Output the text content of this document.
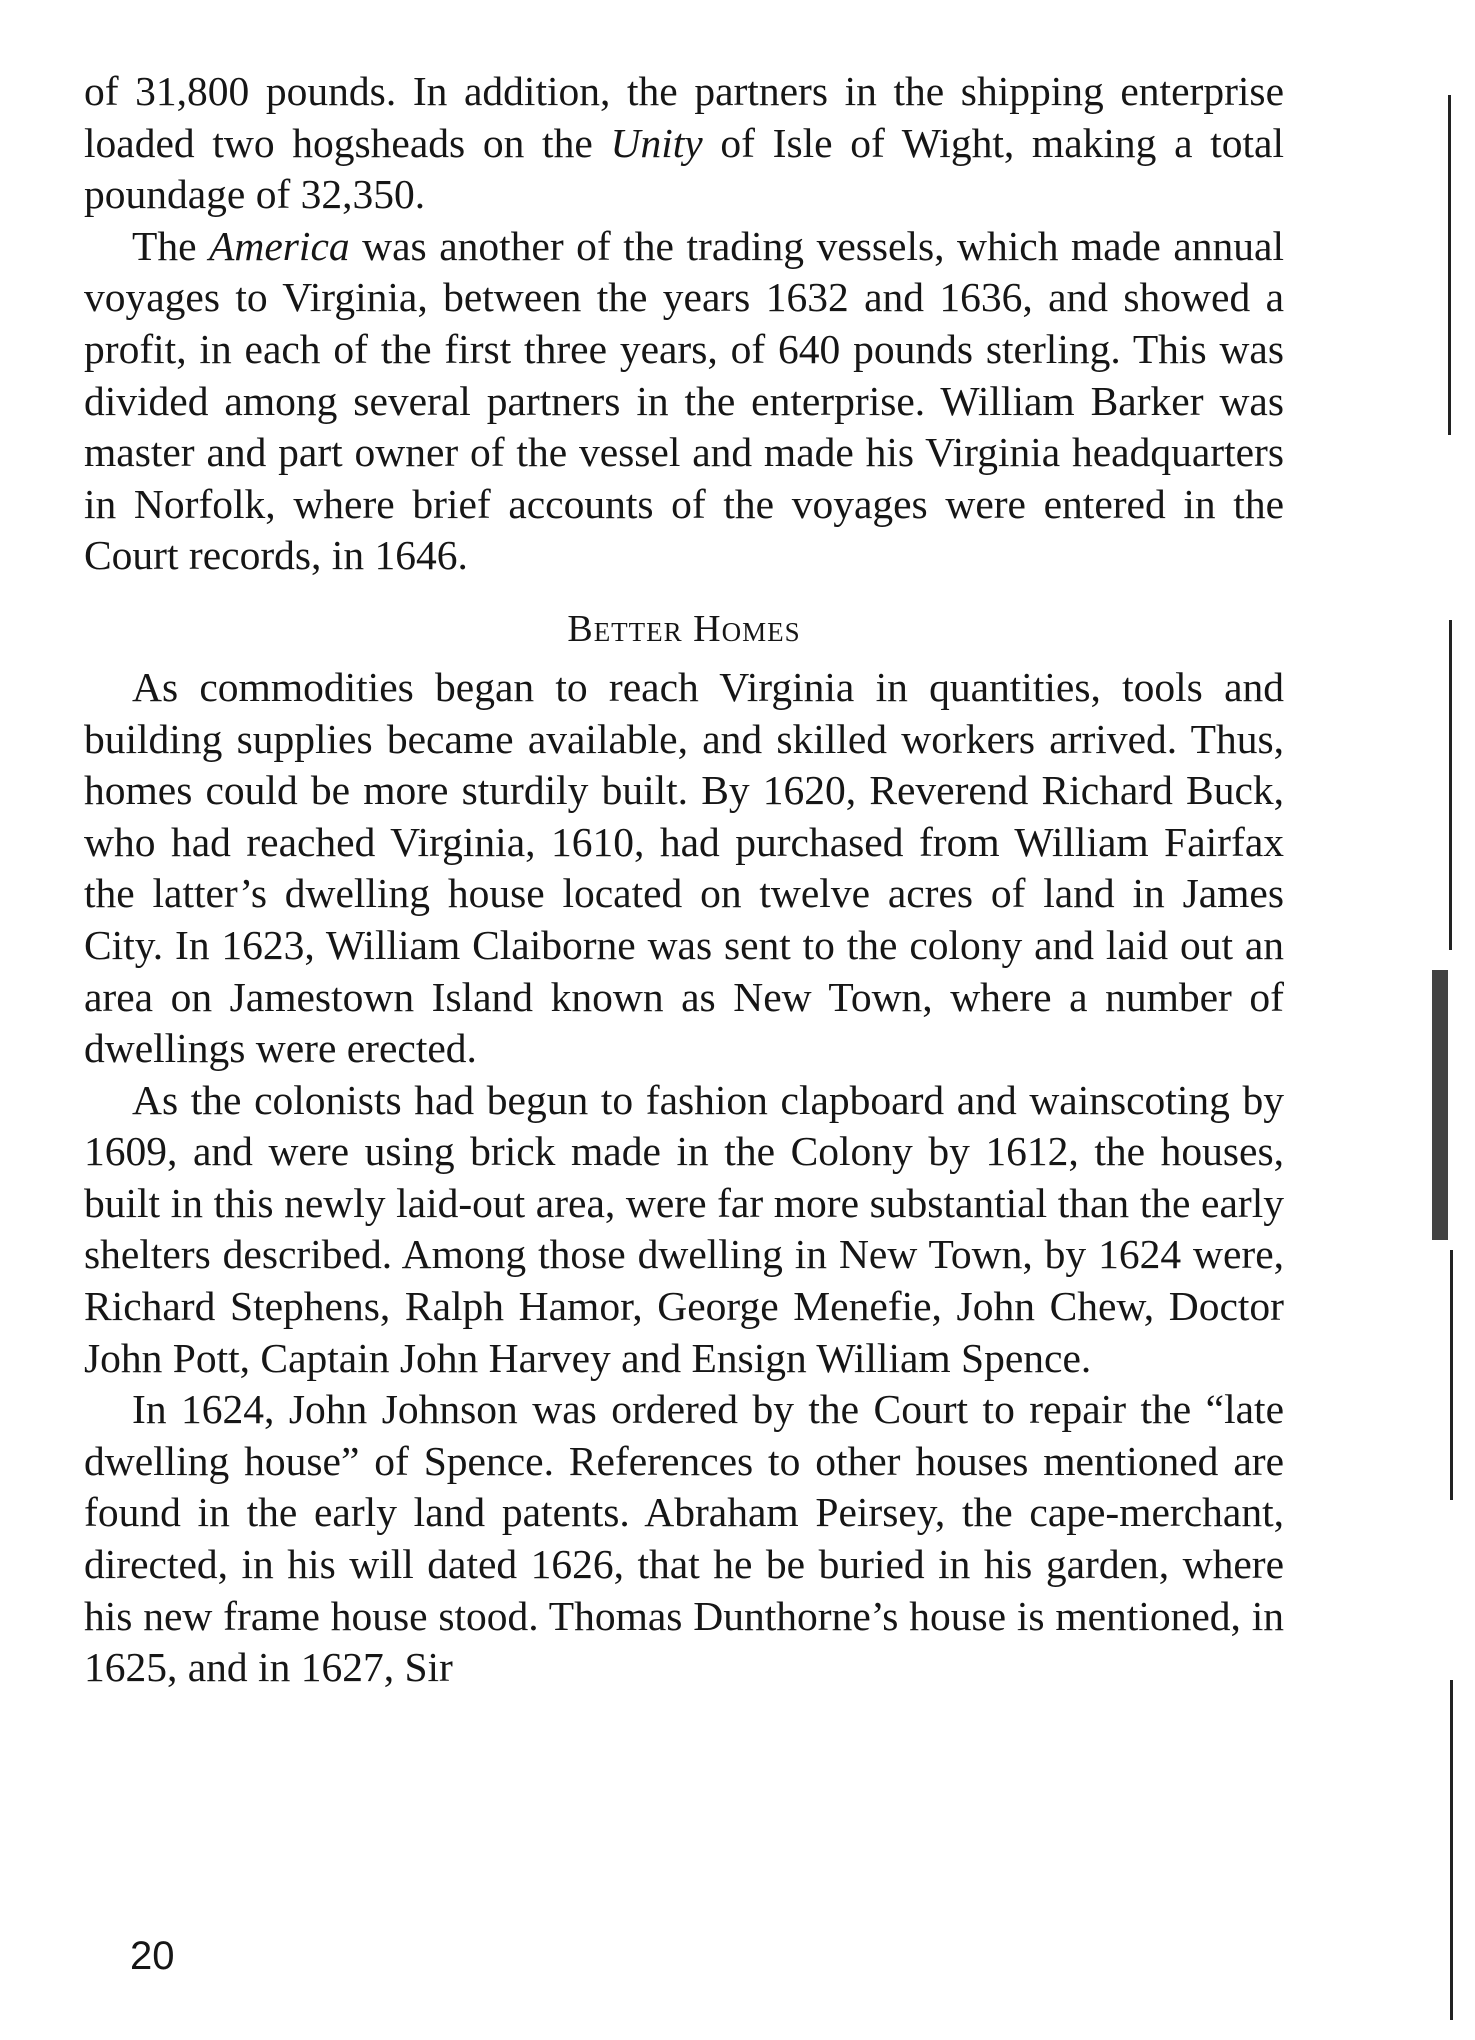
of 31,800 pounds. In addition, the partners in the shipping enterprise loaded two hogsheads on the Unity of Isle of Wight, making a total poundage of 32,350.

The America was another of the trading vessels, which made annual voyages to Virginia, between the years 1632 and 1636, and showed a profit, in each of the first three years, of 640 pounds sterling. This was divided among several partners in the enterprise. William Barker was master and part owner of the vessel and made his Virginia headquarters in Norfolk, where brief accounts of the voyages were entered in the Court records, in 1646.

Better Homes

As commodities began to reach Virginia in quantities, tools and building supplies became available, and skilled workers arrived. Thus, homes could be more sturdily built. By 1620, Reverend Richard Buck, who had reached Virginia, 1610, had purchased from William Fairfax the latter’s dwelling house located on twelve acres of land in James City. In 1623, William Claiborne was sent to the colony and laid out an area on Jamestown Island known as New Town, where a number of dwellings were erected.

As the colonists had begun to fashion clapboard and wainscoting by 1609, and were using brick made in the Colony by 1612, the houses, built in this newly laid-out area, were far more substantial than the early shelters described. Among those dwelling in New Town, by 1624 were, Richard Stephens, Ralph Hamor, George Menefie, John Chew, Doctor John Pott, Captain John Harvey and Ensign William Spence.

In 1624, John Johnson was ordered by the Court to repair the “late dwelling house” of Spence. References to other houses mentioned are found in the early land patents. Abraham Peirsey, the cape-merchant, directed, in his will dated 1626, that he be buried in his garden, where his new frame house stood. Thomas Dunthorne’s house is mentioned, in 1625, and in 1627, Sir

20
